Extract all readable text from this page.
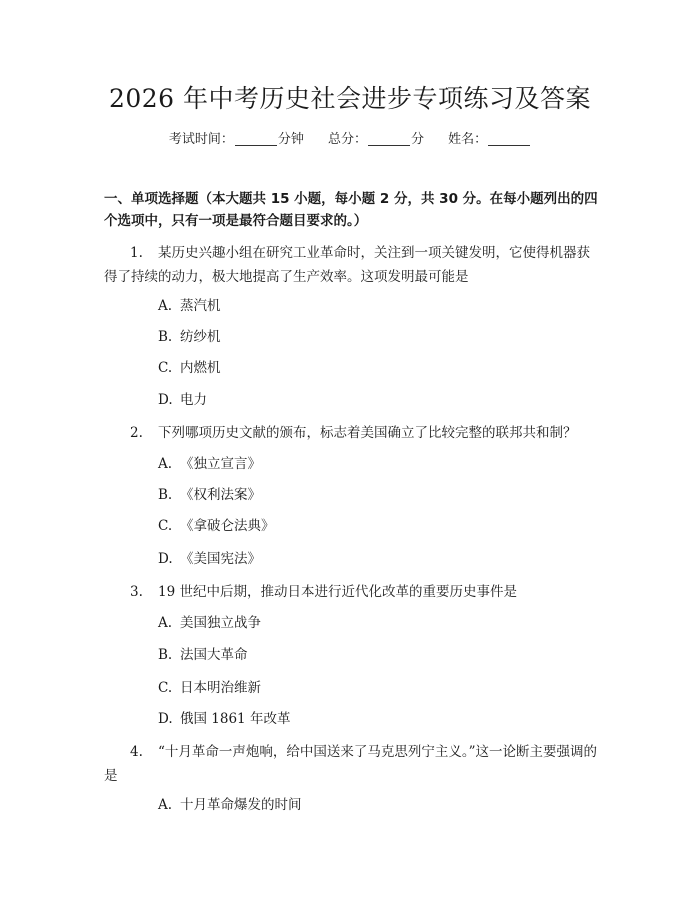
2026 年中考历史社会进步专项练习及答案
考试时间：	分钟 总分：	分 姓名：
一、单项选择题（本大题共 15 小题，每小题 2 分，共 30 分。在每小题列出的四个选项中，只有一项是最符合题目要求的。）
1. 某历史兴趣小组在研究工业革命时，关注到一项关键发明，它使得机器获得了持续的动力，极大地提高了生产效率。这项发明最可能是
A. 蒸汽机
B. 纺纱机
C. 内燃机
D. 电力
2. 下列哪项历史文献的颁布，标志着美国确立了比较完整的联邦共和制？
A. 《独立宣言》
B. 《权利法案》
C. 《拿破仑法典》
D. 《美国宪法》
3. 19 世纪中后期，推动日本进行近代化改革的重要历史事件是
A. 美国独立战争
B. 法国大革命
C. 日本明治维新
D. 俄国 1861 年改革
4. “十月革命一声炮响，给中国送来了马克思列宁主义。”这一论断主要强调的是
A. 十月革命爆发的时间
